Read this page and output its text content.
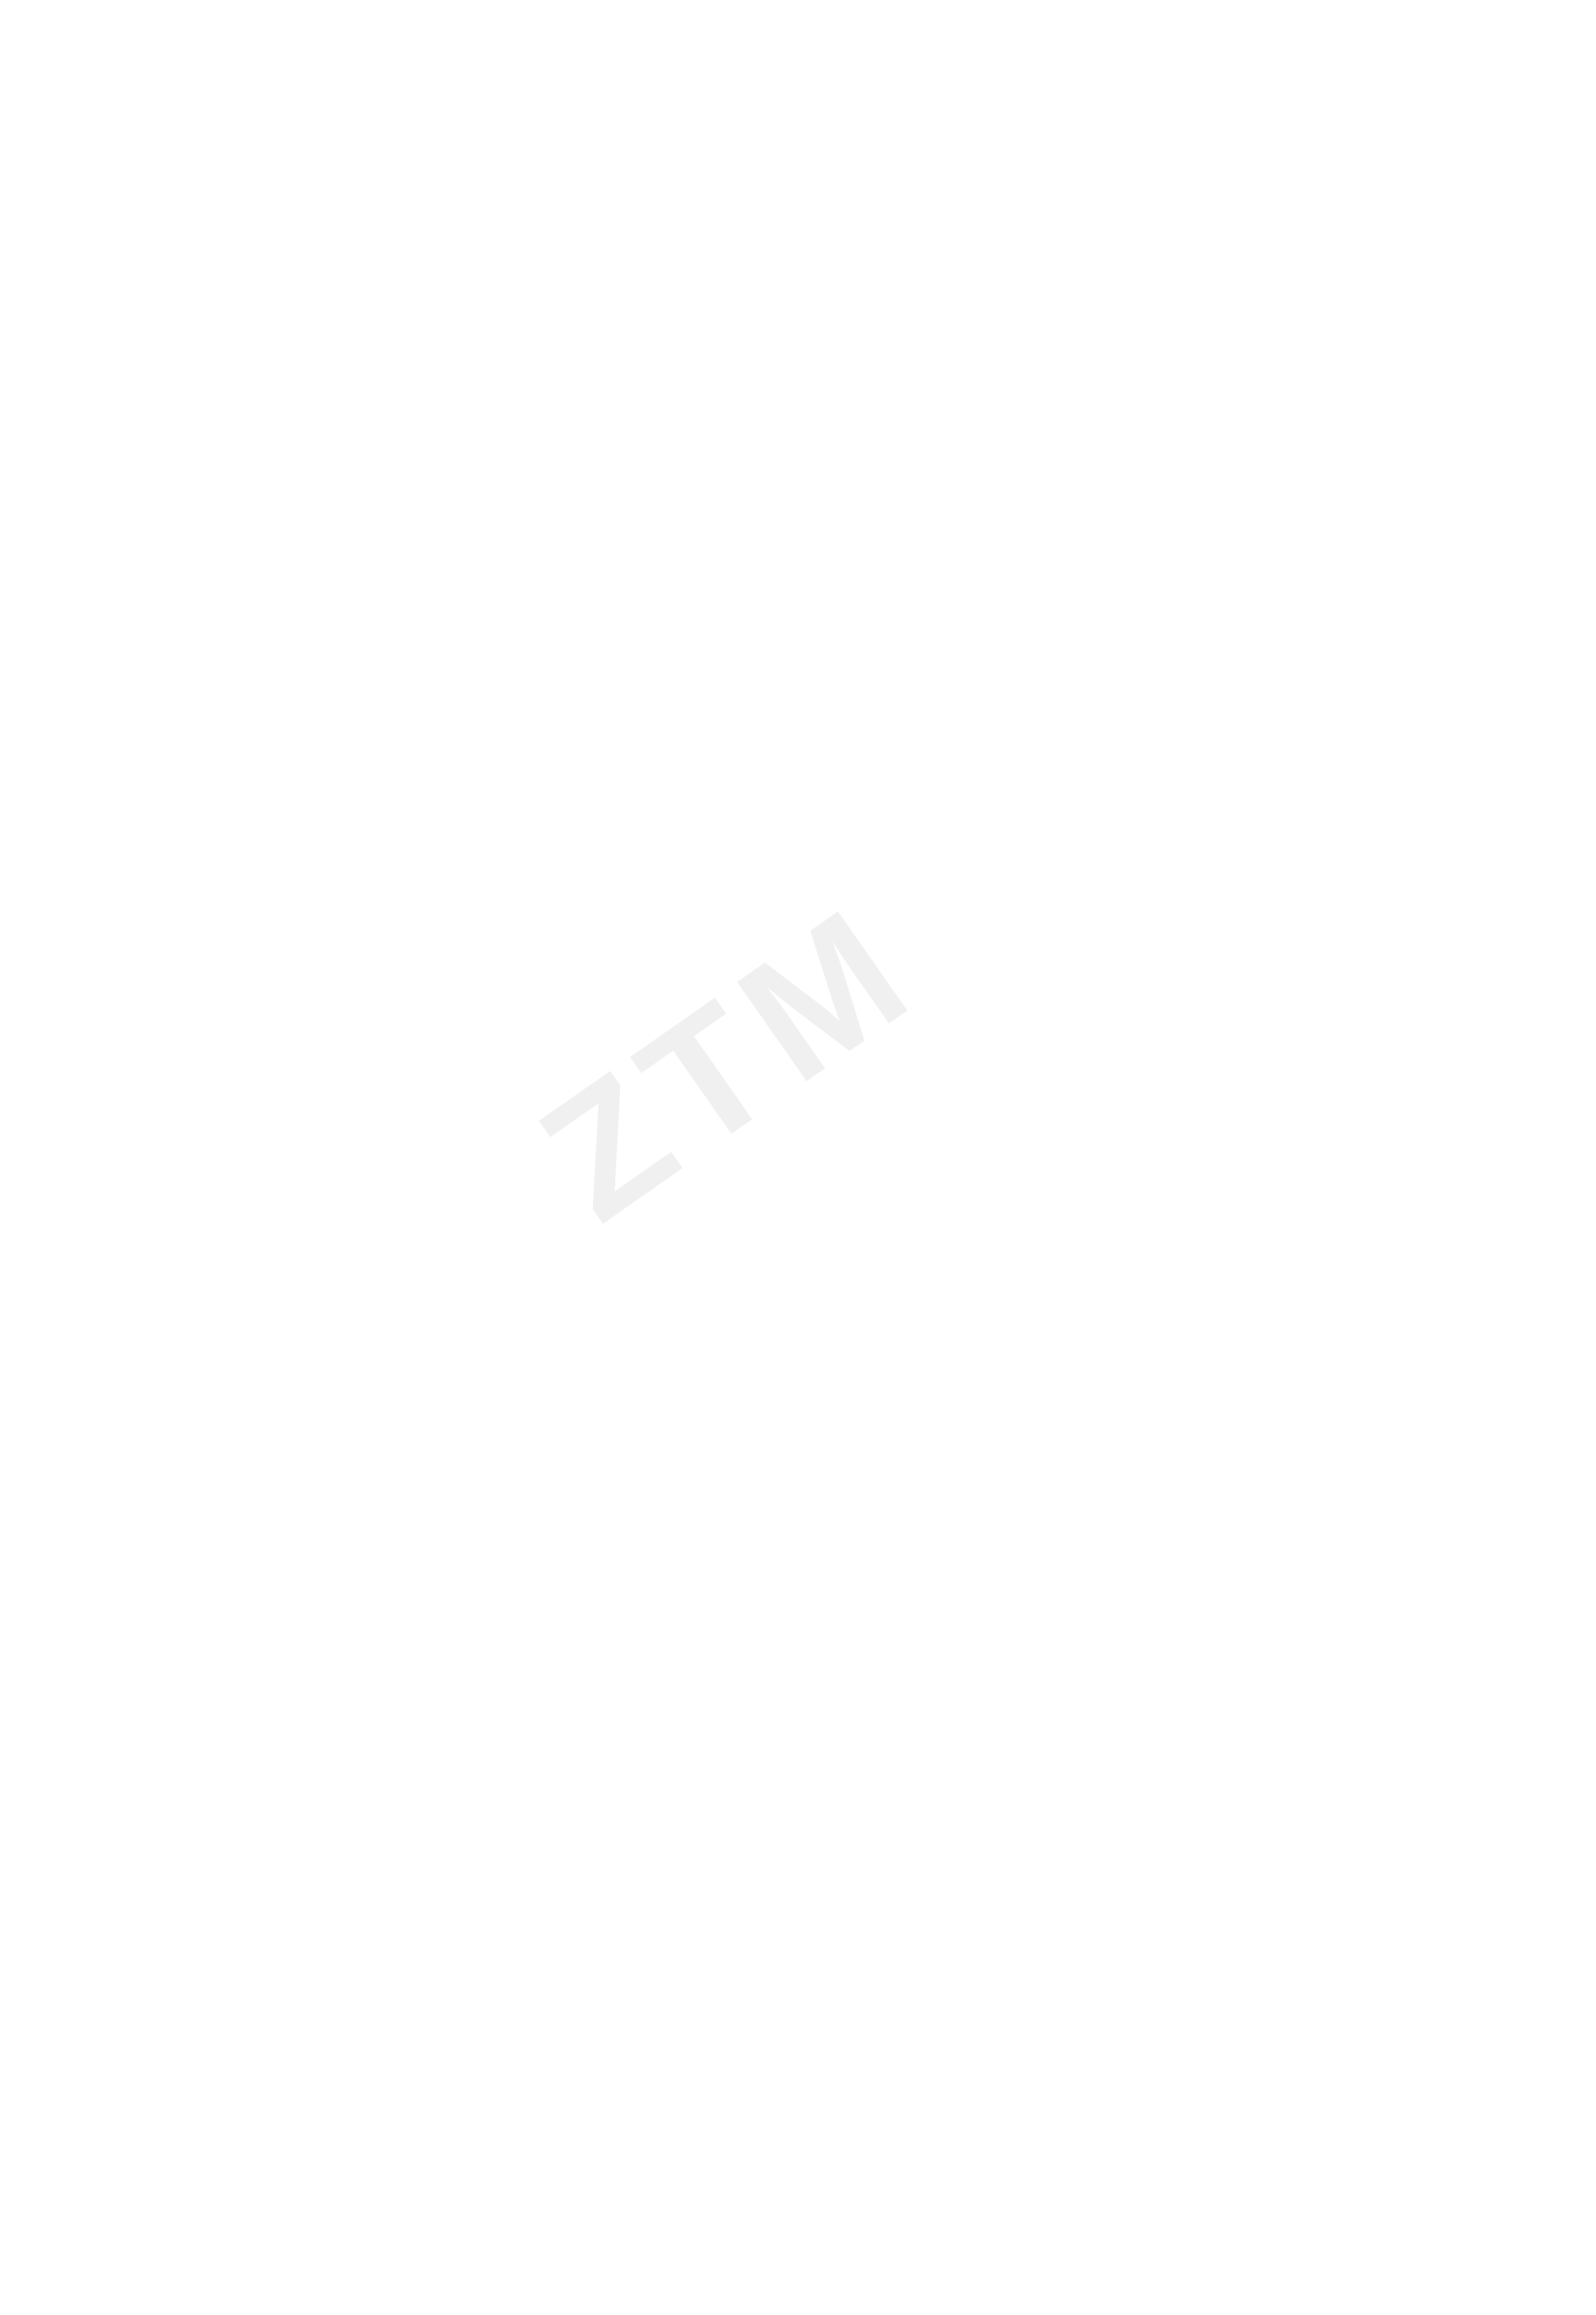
ZTM
